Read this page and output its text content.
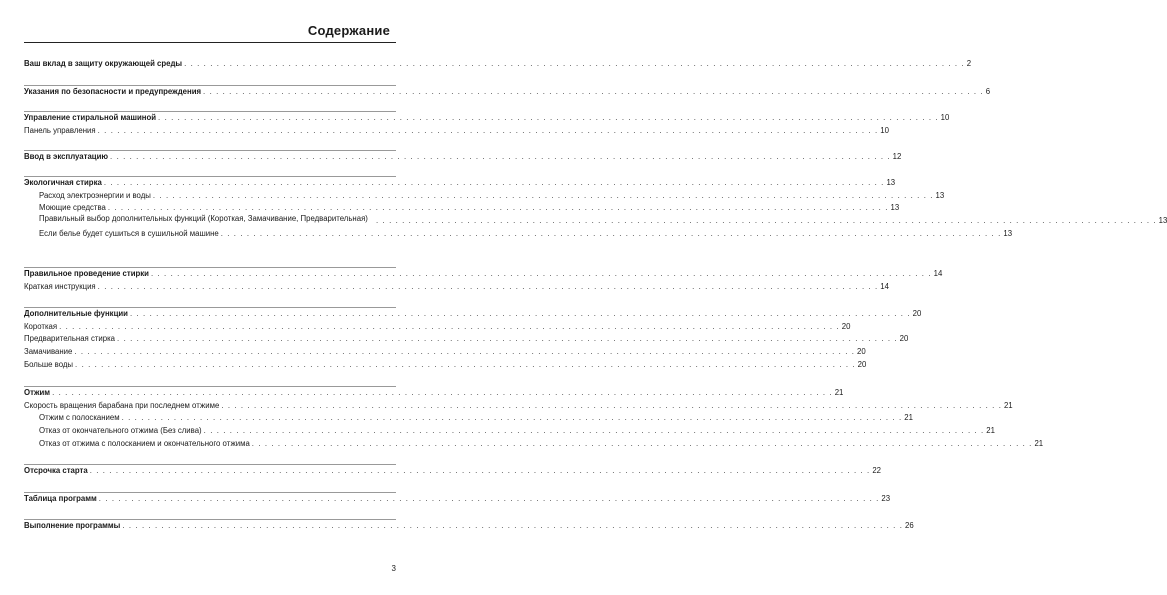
Содержание
Ваш вклад в защиту окружающей среды . . . . . . . . . . . . . . . . . . . . . . . . . . . . . . . . . . . . . . . . . . . . . . . . . . . . . . . . . . . . . . . . . . . . . . . . . . . . . . . . . . . . . . . . . . . . . . . . . . . . . . . . . . . . . . . . . . . . . . . . 2
Указания по безопасности и предупреждения . . . . . . . . . . . . . . . . . . . . . . . . . . . . . . . . . . . . . . . . . . . . . . . . . . . . . . . . . . . . . . . . . . . . . . . . . . . . . . . . . . . . . . . . . . . . . . . . . . . . . . . . . . . . . . . . . . . . . . . . 6
Управление стиральной машиной . . . . . . . . . . . . . . . . . . . . . . . . . . . . . . . . . . . . . . . . . . . . . . . . . . . . . . . . . . . . . . . . . . . . . . . . . . . . . . . . . . . . . . . . . . . . . . . . . . . . . . . . . . . . . . . . . . . . . . . . 10
Панель управления . . . . . . . . . . . . . . . . . . . . . . . . . . . . . . . . . . . . . . . . . . . . . . . . . . . . . . . . . . . . . . . . . . . . . . . . . . . . . . . . . . . . . . . . . . . . . . . . . . . . . . . . . . . . . . . . . . . . . . . . 10
Ввод в эксплуатацию . . . . . . . . . . . . . . . . . . . . . . . . . . . . . . . . . . . . . . . . . . . . . . . . . . . . . . . . . . . . . . . . . . . . . . . . . . . . . . . . . . . . . . . . . . . . . . . . . . . . . . . . . . . . . . . . . . . . . . . . 12
Экологичная стирка . . . . . . . . . . . . . . . . . . . . . . . . . . . . . . . . . . . . . . . . . . . . . . . . . . . . . . . . . . . . . . . . . . . . . . . . . . . . . . . . . . . . . . . . . . . . . . . . . . . . . . . . . . . . . . . . . . . . . . . . 13
Расход электроэнергии и воды . . . . . . . . . . . . . . . . . . . . . . . . . . . . . . . . . . . . . . . . . . . . . . . . . . . . . . . . . . . . . . . . . . . . . . . . . . . . . . . . . . . . . . . . . . . . . . . . . . . . . . . . . . . . . . . . . . . . . . . . 13
Моющие средства . . . . . . . . . . . . . . . . . . . . . . . . . . . . . . . . . . . . . . . . . . . . . . . . . . . . . . . . . . . . . . . . . . . . . . . . . . . . . . . . . . . . . . . . . . . . . . . . . . . . . . . . . . . . . . . . . . . . . . . . 13
Правильный выбор дополнительных функций (Короткая, Замачивание, Предварительная)	. . . . . . . . . . . . . . . . . . . . . . . . . . . . . . . . . . . . . . . . . . . . . . . . . . . . . . . . . . . . . . . . . . . . . . . . . . . . . . . . . . . . . . . . . . . . . . . . . . . . . . . . . . . . . . . . . . . . . . . . 13
Если белье будет сушиться в сушильной машине . . . . . . . . . . . . . . . . . . . . . . . . . . . . . . . . . . . . . . . . . . . . . . . . . . . . . . . . . . . . . . . . . . . . . . . . . . . . . . . . . . . . . . . . . . . . . . . . . . . . . . . . . . . . . . . . . . . . . . . . 13
Правильное проведение стирки . . . . . . . . . . . . . . . . . . . . . . . . . . . . . . . . . . . . . . . . . . . . . . . . . . . . . . . . . . . . . . . . . . . . . . . . . . . . . . . . . . . . . . . . . . . . . . . . . . . . . . . . . . . . . . . . . . . . . . . . 14
Краткая инструкция . . . . . . . . . . . . . . . . . . . . . . . . . . . . . . . . . . . . . . . . . . . . . . . . . . . . . . . . . . . . . . . . . . . . . . . . . . . . . . . . . . . . . . . . . . . . . . . . . . . . . . . . . . . . . . . . . . . . . . . . 14
Дополнительные функции . . . . . . . . . . . . . . . . . . . . . . . . . . . . . . . . . . . . . . . . . . . . . . . . . . . . . . . . . . . . . . . . . . . . . . . . . . . . . . . . . . . . . . . . . . . . . . . . . . . . . . . . . . . . . . . . . . . . . . . . 20
Короткая . . . . . . . . . . . . . . . . . . . . . . . . . . . . . . . . . . . . . . . . . . . . . . . . . . . . . . . . . . . . . . . . . . . . . . . . . . . . . . . . . . . . . . . . . . . . . . . . . . . . . . . . . . . . . . . . . . . . . . . . 20
Предварительная стирка . . . . . . . . . . . . . . . . . . . . . . . . . . . . . . . . . . . . . . . . . . . . . . . . . . . . . . . . . . . . . . . . . . . . . . . . . . . . . . . . . . . . . . . . . . . . . . . . . . . . . . . . . . . . . . . . . . . . . . . . 20
Замачивание . . . . . . . . . . . . . . . . . . . . . . . . . . . . . . . . . . . . . . . . . . . . . . . . . . . . . . . . . . . . . . . . . . . . . . . . . . . . . . . . . . . . . . . . . . . . . . . . . . . . . . . . . . . . . . . . . . . . . . . . 20
Больше воды . . . . . . . . . . . . . . . . . . . . . . . . . . . . . . . . . . . . . . . . . . . . . . . . . . . . . . . . . . . . . . . . . . . . . . . . . . . . . . . . . . . . . . . . . . . . . . . . . . . . . . . . . . . . . . . . . . . . . . . . 20
Отжим . . . . . . . . . . . . . . . . . . . . . . . . . . . . . . . . . . . . . . . . . . . . . . . . . . . . . . . . . . . . . . . . . . . . . . . . . . . . . . . . . . . . . . . . . . . . . . . . . . . . . . . . . . . . . . . . . . . . . . . . 21
Скорость вращения барабана при последнем отжиме . . . . . . . . . . . . . . . . . . . . . . . . . . . . . . . . . . . . . . . . . . . . . . . . . . . . . . . . . . . . . . . . . . . . . . . . . . . . . . . . . . . . . . . . . . . . . . . . . . . . . . . . . . . . . . . . . . . . . . . . 21
Отжим с полосканием . . . . . . . . . . . . . . . . . . . . . . . . . . . . . . . . . . . . . . . . . . . . . . . . . . . . . . . . . . . . . . . . . . . . . . . . . . . . . . . . . . . . . . . . . . . . . . . . . . . . . . . . . . . . . . . . . . . . . . . . 21
Отказ от окончательного отжима (Без слива) . . . . . . . . . . . . . . . . . . . . . . . . . . . . . . . . . . . . . . . . . . . . . . . . . . . . . . . . . . . . . . . . . . . . . . . . . . . . . . . . . . . . . . . . . . . . . . . . . . . . . . . . . . . . . . . . . . . . . . . . 21
Отказ от отжима с полосканием и окончательного отжима . . . . . . . . . . . . . . . . . . . . . . . . . . . . . . . . . . . . . . . . . . . . . . . . . . . . . . . . . . . . . . . . . . . . . . . . . . . . . . . . . . . . . . . . . . . . . . . . . . . . . . . . . . . . . . . . . . . . . . . . 21
Отсрочка старта . . . . . . . . . . . . . . . . . . . . . . . . . . . . . . . . . . . . . . . . . . . . . . . . . . . . . . . . . . . . . . . . . . . . . . . . . . . . . . . . . . . . . . . . . . . . . . . . . . . . . . . . . . . . . . . . . . . . . . . . 22
Таблица программ . . . . . . . . . . . . . . . . . . . . . . . . . . . . . . . . . . . . . . . . . . . . . . . . . . . . . . . . . . . . . . . . . . . . . . . . . . . . . . . . . . . . . . . . . . . . . . . . . . . . . . . . . . . . . . . . . . . . . . . . 23
Выполнение программы . . . . . . . . . . . . . . . . . . . . . . . . . . . . . . . . . . . . . . . . . . . . . . . . . . . . . . . . . . . . . . . . . . . . . . . . . . . . . . . . . . . . . . . . . . . . . . . . . . . . . . . . . . . . . . . . . . . . . . . . 26
3
